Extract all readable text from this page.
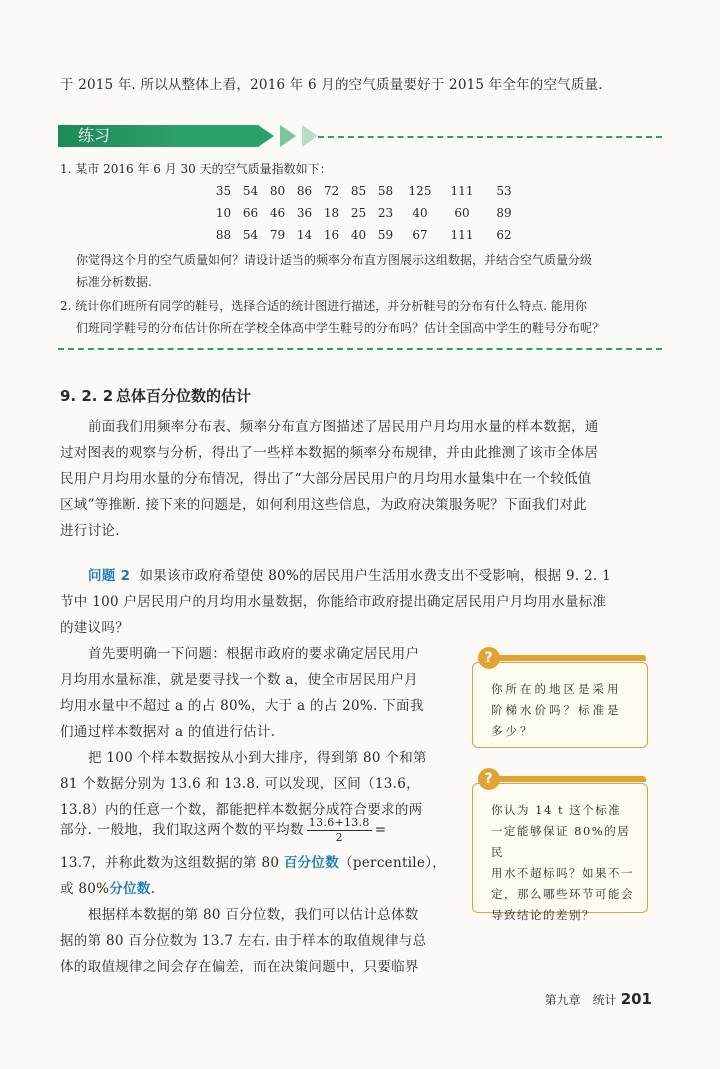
于 2015 年. 所以从整体上看，2016 年 6 月的空气质量要好于 2015 年全年的空气质量.
练习
1. 某市 2016 年 6 月 30 天的空气质量指数如下：
35	54	80	86	72	85	58	125	111	53
10	66	46	36	18	25	23	40	60	89
88	54	79	14	16	40	59	67	111	62
你觉得这个月的空气质量如何？请设计适当的频率分布直方图展示这组数据，并结合空气质量分级
标准分析数据.
2. 统计你们班所有同学的鞋号，选择合适的统计图进行描述，并分析鞋号的分布有什么特点. 能用你
们班同学鞋号的分布估计你所在学校全体高中学生鞋号的分布吗？估计全国高中学生的鞋号分布呢？
9. 2. 2 总体百分位数的估计
前面我们用频率分布表、频率分布直方图描述了居民用户月均用水量的样本数据，通
过对图表的观察与分析，得出了一些样本数据的频率分布规律，并由此推测了该市全体居
民用户月均用水量的分布情况，得出了“大部分居民用户的月均用水量集中在一个较低值
区域”等推断. 接下来的问题是，如何利用这些信息，为政府决策服务呢？下面我们对此
进行讨论.
问题 2 如果该市政府希望使 80%的居民用户生活用水费支出不受影响，根据 9. 2. 1
节中 100 户居民用户的月均用水量数据，你能给市政府提出确定居民用户月均用水量标准
的建议吗？
首先要明确一下问题：根据市政府的要求确定居民用户
月均用水量标准，就是要寻找一个数 a，使全市居民用户月
均用水量中不超过 a 的占 80%，大于 a 的占 20%. 下面我
们通过样本数据对 a 的值进行估计.
把 100 个样本数据按从小到大排序，得到第 80 个和第
81 个数据分别为 13.6 和 13.8. 可以发现，区间（13.6，
13.8）内的任意一个数，都能把样本数据分成符合要求的两
部分. 一般地，我们取这两个数的平均数 $\frac{13.6+13.8}{2}$ =
13.7，并称此数为这组数据的第 80 百分位数（percentile），
或 80%分位数.
根据样本数据的第 80 百分位数，我们可以估计总体数
据的第 80 百分位数为 13.7 左右. 由于样本的取值规律与总
体的取值规律之间会存在偏差，而在决策问题中，只要临界
?
你所在的地区是采用
阶梯水价吗？标准是
多少？
?
你认为 14 t 这个标准
一定能够保证 80%的居民
用水不超标吗？如果不一
定，那么哪些环节可能会
导致结论的差别？
第九章　统计 201
